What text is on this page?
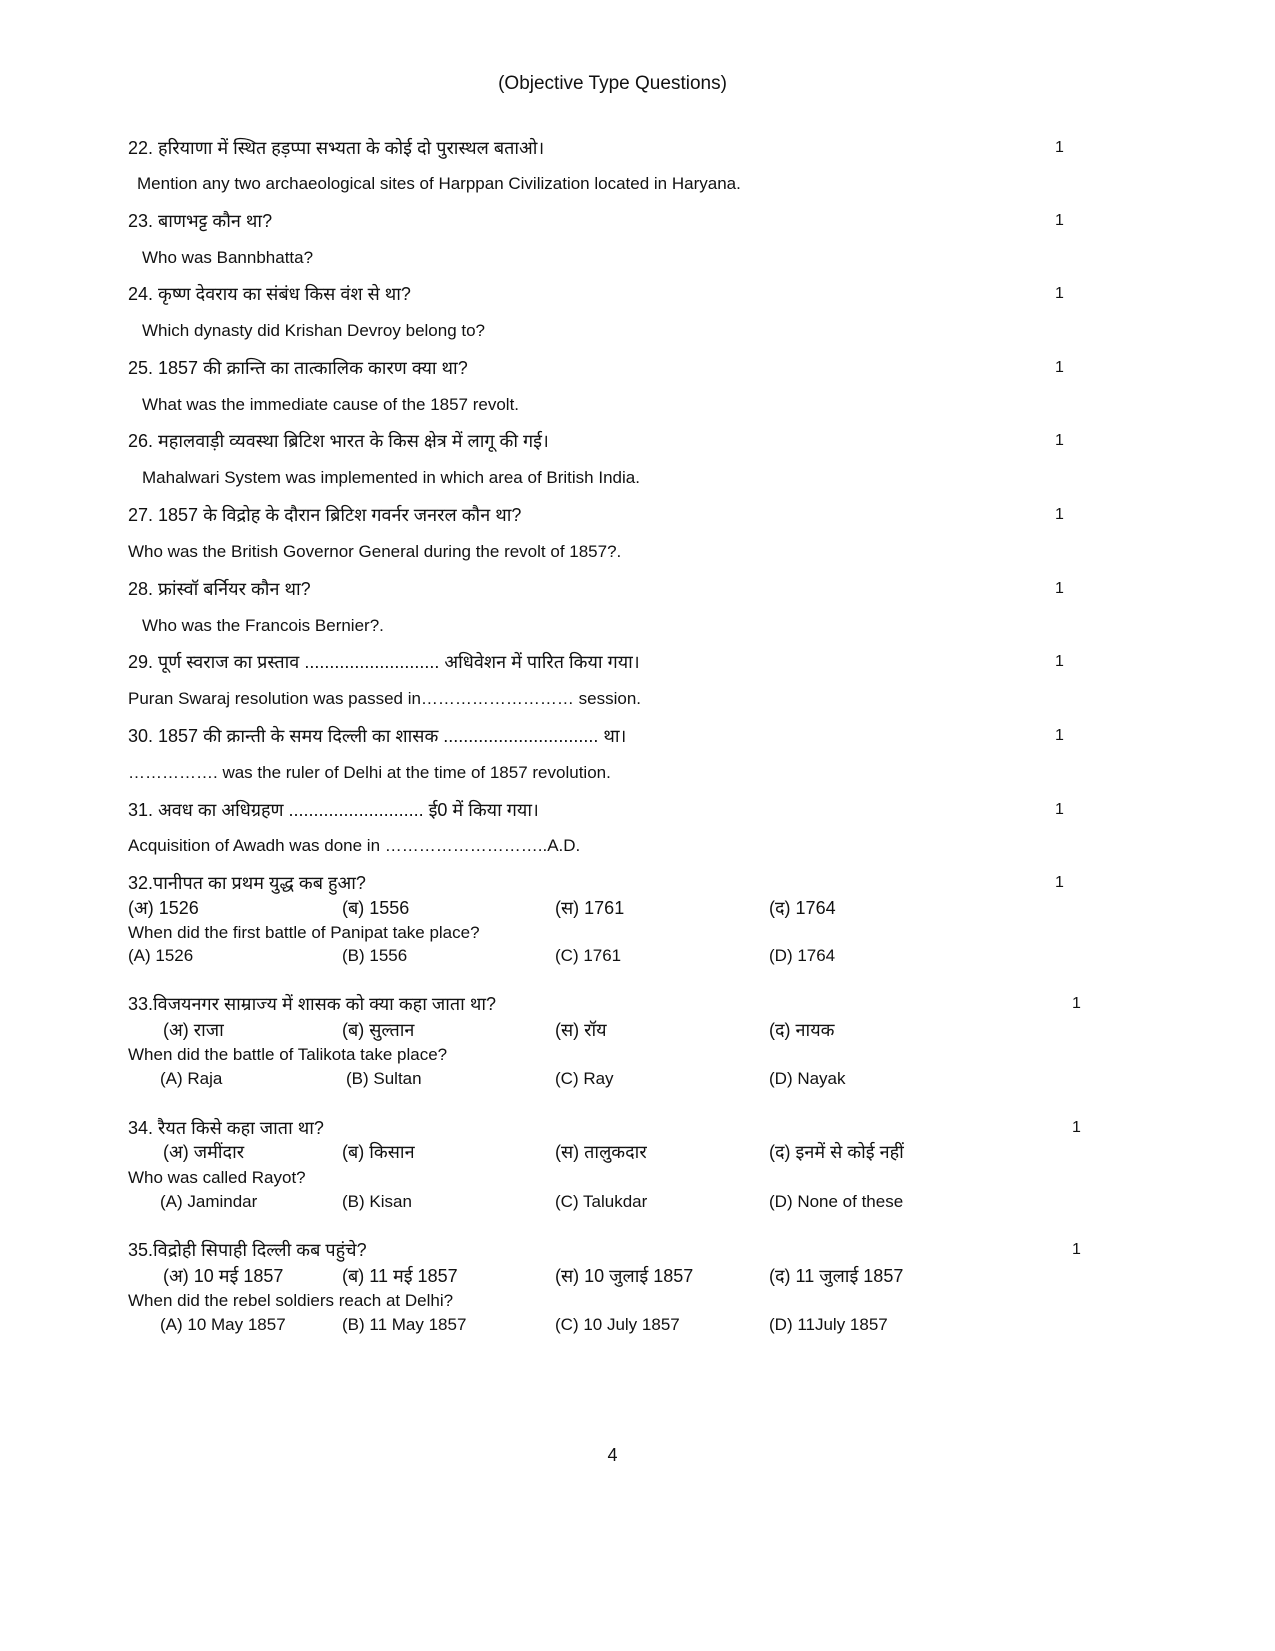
(Objective Type Questions)
4
22. हरियाणा में स्थित हड़प्पा सभ्यता के कोई दो पुरास्थल बताओ।	1
Mention any two archaeological sites of Harppan Civilization located in Haryana.
23. बाणभट्ट कौन था?	1
Who was Bannbhatta?
24. कृष्ण देवराय का संबंध किस वंश से था?	1
Which dynasty did Krishan Devroy belong to?
25. 1857 की क्रान्ति का तात्कालिक कारण क्या था?	1
What was the immediate cause of the 1857 revolt.
26. महालवाड़ी व्यवस्था ब्रिटिश भारत के किस क्षेत्र में लागू की गई।	1
Mahalwari System was implemented in which area of British India.
27. 1857 के विद्रोह के दौरान ब्रिटिश गवर्नर जनरल कौन था?	1
Who was the British Governor General during the revolt of 1857?.
28. फ्रांस्वॉ बर्नियर कौन था?	1
Who was the Francois Bernier?.
29. पूर्ण स्वराज का प्रस्ताव ........................... अधिवेशन में पारित किया गया।	1
Puran Swaraj resolution was passed in……………………… session.
30. 1857 की क्रान्ती के समय दिल्ली का शासक ............................... था।	1
……………. was the ruler of Delhi at the time of 1857 revolution.
31. अवध का अधिग्रहण ........................... ई0 में किया गया।	1
Acquisition of Awadh was done in ………………………..A.D.
32.पानीपत का प्रथम युद्ध कब हुआ?	1
(अ) 1526	(ब) 1556	(स) 1761	(द) 1764
When did the first battle of Panipat take place?
(A) 1526	(B) 1556	(C) 1761	(D) 1764
33.विजयनगर साम्राज्य में शासक को क्या कहा जाता था?	1
(अ) राजा	(ब) सुल्तान	(स) रॉय	(द) नायक
When did the battle of Talikota take place?
(A) Raja	(B) Sultan	(C) Ray	(D) Nayak
34. रैयत किसे कहा जाता था?	1
(अ) जमींदार	(ब) किसान	(स) तालुकदार	(द) इनमें से कोई नहीं
Who was called Rayot?
(A) Jamindar	(B) Kisan	(C) Talukdar	(D) None of these
35.विद्रोही सिपाही दिल्ली कब पहुंचे?	1
(अ) 10 मई 1857	(ब) 11 मई 1857	(स) 10 जुलाई 1857	(द) 11 जुलाई 1857
When did the rebel soldiers reach at Delhi?
(A) 10 May 1857	(B) 11 May 1857	(C) 10 July 1857	(D) 11July 1857
